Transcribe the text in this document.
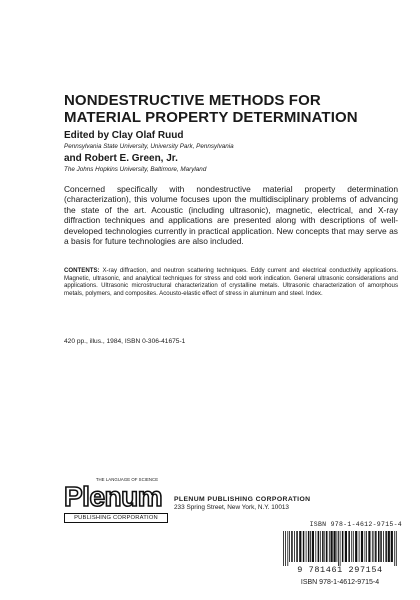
NONDESTRUCTIVE METHODS FOR
MATERIAL PROPERTY DETERMINATION
Edited by Clay Olaf Ruud
Pennsylvania State University, University Park, Pennsylvania
and Robert E. Green, Jr.
The Johns Hopkins University, Baltimore, Maryland
Concerned specifically with nondestructive material property determination (characterization), this volume focuses upon the multidisciplinary problems of advancing the state of the art. Acoustic (including ultrasonic), magnetic, electrical, and X-ray diffraction techniques and applications are presented along with descriptions of well-developed technologies currently in practical application. New concepts that may serve as a basis for future technologies are also included.
CONTENTS: X-ray diffraction, and neutron scattering techniques. Eddy current and electrical conductivity applications. Magnetic, ultrasonic, and analytical techniques for stress and cold work indication. General ultrasonic considerations and applications. Ultrasonic microstructural characterization of crystalline metals. Ultrasonic characterization of amorphous metals, polymers, and composites. Acousto-elastic effect of stress in aluminum and steel. Index.
420 pp., illus., 1984, ISBN 0-306-41675-1
THE LANGUAGE OF SCIENCE
Plenum
PUBLISHING CORPORATION
PLENUM PUBLISHING CORPORATION
233 Spring Street, New York, N.Y. 10013
ISBN 978-1-4612-9715-4
9 781461 297154
ISBN 978-1-4612-9715-4
